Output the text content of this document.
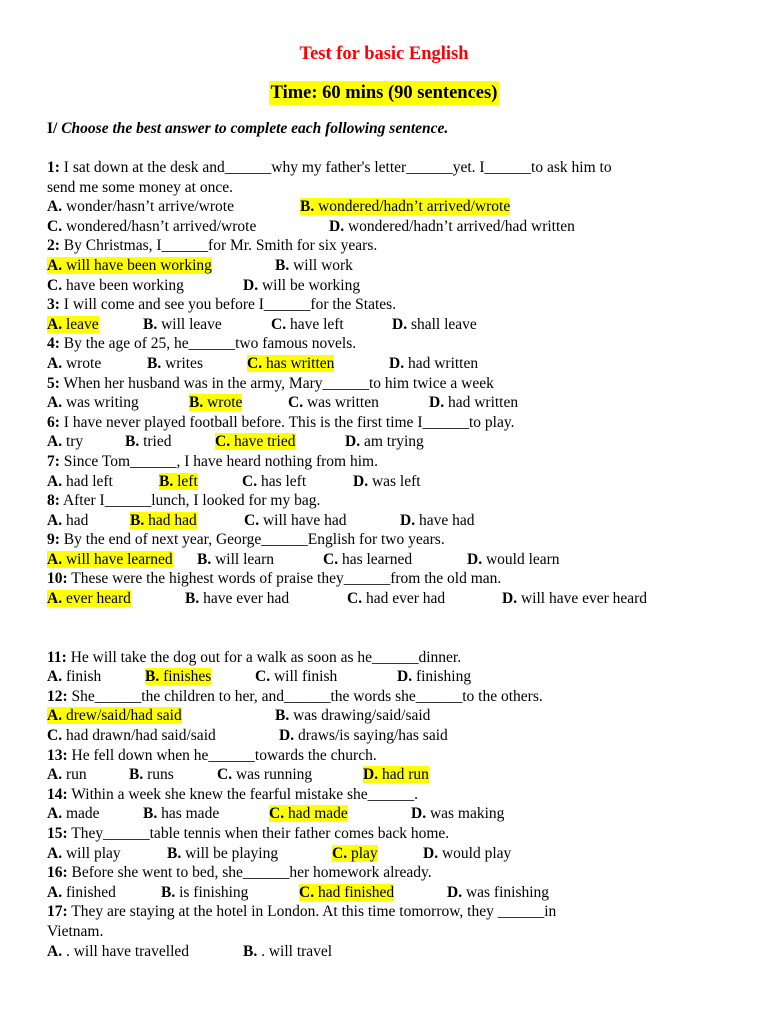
Test for basic English
Time: 60 mins (90 sentences)
I/ Choose the best answer to complete each following sentence.
1: I sat down at the desk and______why my father's letter______yet. I______to ask him to
send me some money at once.
A. wonder/hasn’t arrive/wrote	B. wondered/hadn’t arrived/wrote
C. wondered/hasn’t arrived/wrote	D. wondered/hadn’t arrived/had written
2: By Christmas, I______for Mr. Smith for six years.
A. will have been working	B. will work
C. have been working	D. will be working
3: I will come and see you before I______for the States.
A. leave	B. will leave	C. have left	D. shall leave
4: By the age of 25, he______two famous novels.
A. wrote	B. writes	C. has written	D. had written
5: When her husband was in the army, Mary______to him twice a week
A. was writing	B. wrote	C. was written	D. had written
6: I have never played football before. This is the first time I______to play.
A. try	B. tried	C. have tried	D. am trying
7: Since Tom______, I have heard nothing from him.
A. had left	B. left	C. has left	D. was left
8: After I______lunch, I looked for my bag.
A. had	B. had had	C. will have had	D. have had
9: By the end of next year, George______English for two years.
A. will have learned B. will learn	C. has learned	D. would learn
10: These were the highest words of praise they______from the old man.
A. ever heard	B. have ever had	C. had ever had	D. will have ever heard
11: He will take the dog out for a walk as soon as he______dinner.
A. finish	B. finishes	C. will finish	D. finishing
12: She______the children to her, and______the words she______to the others.
A. drew/said/had said	B. was drawing/said/said
C. had drawn/had said/said	D. draws/is saying/has said
13: He fell down when he______towards the church.
A. run	B. runs	C. was running	D. had run
14: Within a week she knew the fearful mistake she______.
A. made	B. has made	C. had made	D. was making
15: They______table tennis when their father comes back home.
A. will play	B. will be playing	C. play	D. would play
16: Before she went to bed, she______her homework already.
A. finished	B. is finishing	C. had finished	D. was finishing
17: They are staying at the hotel in London. At this time tomorrow, they ______in
Vietnam.
A. . will have travelled	B. . will travel
